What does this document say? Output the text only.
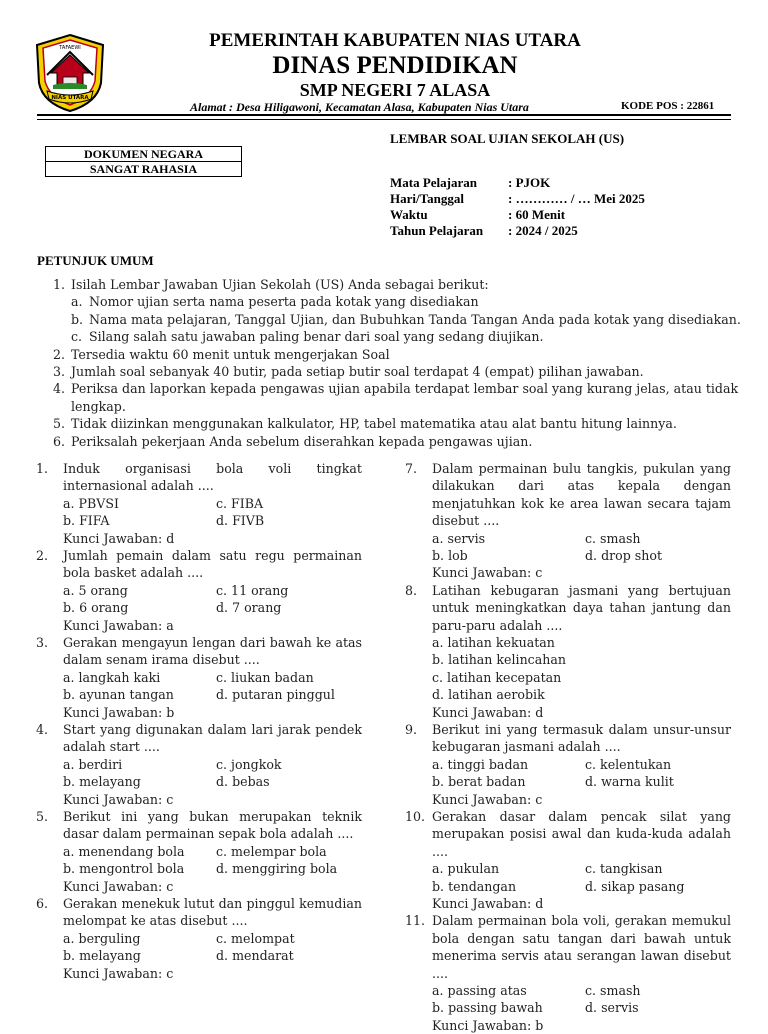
TAFAEWI
NIAS UTARA
PEMERINTAH KABUPATEN NIAS UTARA
DINAS PENDIDIKAN
SMP NEGERI 7 ALASA
Alamat : Desa Hiligawoni, Kecamatan Alasa, Kabupaten Nias Utara	KODE POS : 22861
DOKUMEN NEGARA
SANGAT RAHASIA
LEMBAR SOAL UJIAN SEKOLAH (US)
Mata Pelajaran : PJOK
Hari/Tanggal	: ………… / … Mei 2025
Waktu	: 60 Menit
Tahun Pelajaran : 2024 / 2025
PETUNJUK UMUM
1. Isilah Lembar Jawaban Ujian Sekolah (US) Anda sebagai berikut:
a. Nomor ujian serta nama peserta pada kotak yang disediakan
b. Nama mata pelajaran, Tanggal Ujian, dan Bubuhkan Tanda Tangan Anda pada kotak yang disediakan.
c. Silang salah satu jawaban paling benar dari soal yang sedang diujikan.
2. Tersedia waktu 60 menit untuk mengerjakan Soal
3. Jumlah soal sebanyak 40 butir, pada setiap butir soal terdapat 4 (empat) pilihan jawaban.
4. Periksa dan laporkan kepada pengawas ujian apabila terdapat lembar soal yang kurang jelas, atau tidak
lengkap.
5. Tidak diizinkan menggunakan kalkulator, HP, tabel matematika atau alat bantu hitung lainnya.
6. Periksalah pekerjaan Anda sebelum diserahkan kepada pengawas ujian.
1. Induk organisasi bola voli tingkat internasional adalah ....
a. PBVSI	c. FIBA
b. FIFA	d. FIVB
Kunci Jawaban: d
2. Jumlah pemain dalam satu regu permainan bola basket adalah ....
a. 5 orang	c. 11 orang
b. 6 orang	d. 7 orang
Kunci Jawaban: a
3. Gerakan mengayun lengan dari bawah ke atas dalam senam irama disebut ....
a. langkah kaki	c. liukan badan
b. ayunan tangan	d. putaran pinggul
Kunci Jawaban: b
4. Start yang digunakan dalam lari jarak pendek adalah start ....
a. berdiri	c. jongkok
b. melayang	d. bebas
Kunci Jawaban: c
5. Berikut ini yang bukan merupakan teknik dasar dalam permainan sepak bola adalah ....
a. menendang bola c. melempar bola
b. mengontrol bola	d. menggiring bola
Kunci Jawaban: c
6. Gerakan menekuk lutut dan pinggul kemudian melompat ke atas disebut ....
a. berguling	c. melompat
b. melayang	d. mendarat
Kunci Jawaban: c
7. Dalam permainan bulu tangkis, pukulan yang dilakukan dari atas kepala dengan menjatuhkan kok ke area lawan secara tajam disebut ....
a. servis	c. smash
b. lob	d. drop shot
Kunci Jawaban: c
8. Latihan kebugaran jasmani yang bertujuan untuk meningkatkan daya tahan jantung dan paru-paru adalah ....
a. latihan kekuatan
b. latihan kelincahan
c. latihan kecepatan
d. latihan aerobik
Kunci Jawaban: d
9. Berikut ini yang termasuk dalam unsur-unsur kebugaran jasmani adalah ....
a. tinggi badan	c. kelentukan
b. berat badan	d. warna kulit
Kunci Jawaban: c
10. Gerakan dasar dalam pencak silat yang merupakan posisi awal dan kuda-kuda adalah ....
a. pukulan	c. tangkisan
b. tendangan	d. sikap pasang
Kunci Jawaban: d
11. Dalam permainan bola voli, gerakan memukul bola dengan satu tangan dari bawah untuk menerima servis atau serangan lawan disebut ....
a. passing atas	c. smash
b. passing bawah	d. servis
Kunci Jawaban: b
